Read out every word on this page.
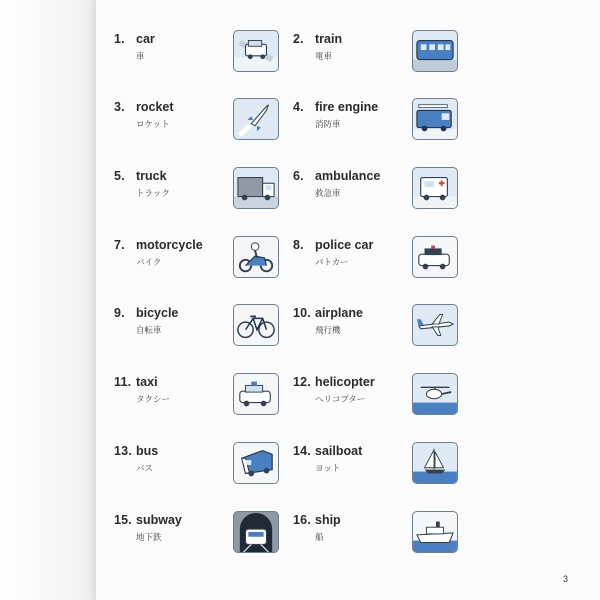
1. car
車
2. train
電車
3. rocket
ロケット
4. fire engine
消防車
5. truck
トラック
6. ambulance
救急車
7. motorcycle
バイク
8. police car
パトカー
9. bicycle
自転車
10. airplane
飛行機
11. taxi
タクシー
12. helicopter
ヘリコプター
13. bus
バス
14. sailboat
ヨット
15. subway
地下鉄
16. ship
船
3
